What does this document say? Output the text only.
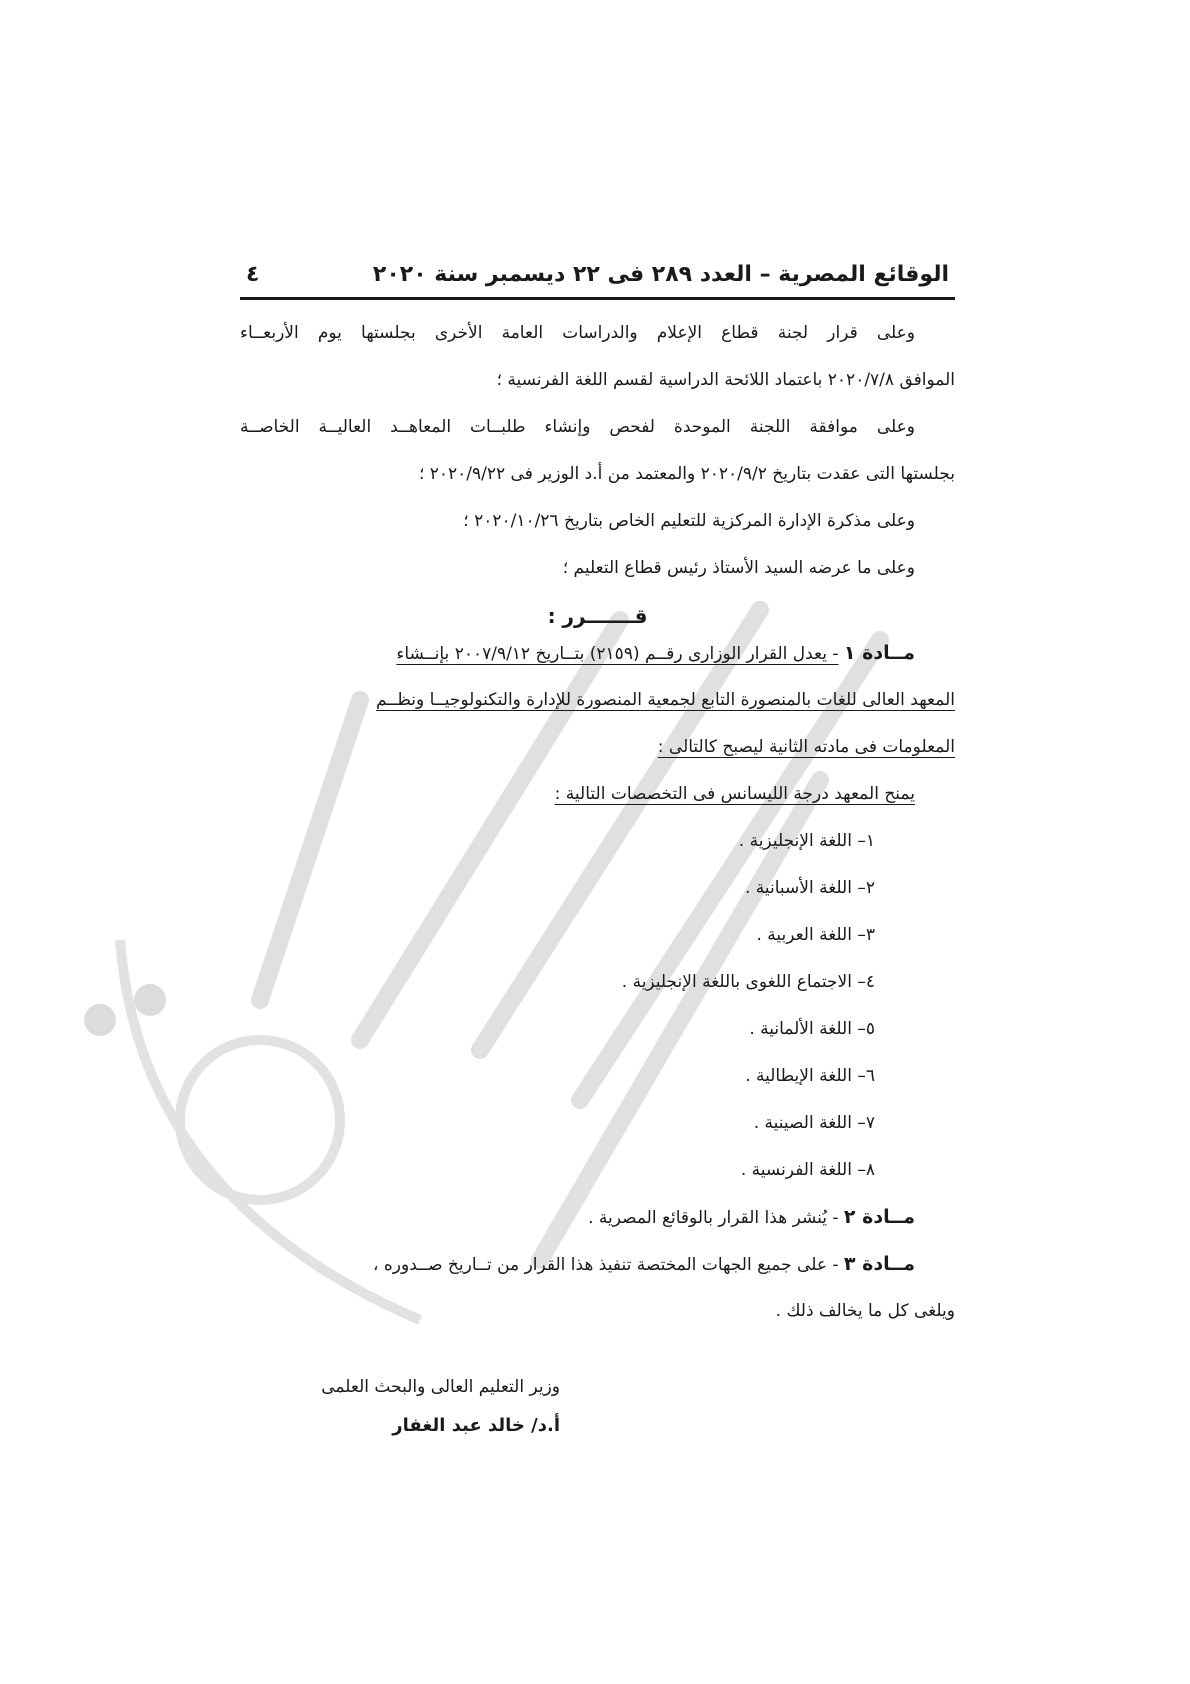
الوقائع المصرية – العدد ٢٨٩ فى ٢٢ ديسمبر سنة ٢٠٢٠
٤
وعلى قرار لجنة قطاع الإعلام والدراسات العامة الأخرى بجلستها يوم الأربعــاء
الموافق ٢٠٢٠/٧/٨ باعتماد اللائحة الدراسية لقسم اللغة الفرنسية ؛
وعلى موافقة اللجنة الموحدة لفحص وإنشاء طلبــات المعاهــد العاليــة الخاصــة
بجلستها التى عقدت بتاريخ ٢٠٢٠/٩/٢ والمعتمد من أ.د الوزير فى ٢٠٢٠/٩/٢٢ ؛
وعلى مذكرة الإدارة المركزية للتعليم الخاص بتاريخ ٢٠٢٠/١٠/٢٦ ؛
وعلى ما عرضه السيد الأستاذ رئيس قطاع التعليم ؛
قـــــــرر :
مــادة ١ - يعدل القرار الوزارى رقــم (٢١٥٩) بتــاريخ ٢٠٠٧/٩/١٢ بإنــشاء
المعهد العالى للغات بالمنصورة التابع لجمعية المنصورة للإدارة والتكنولوجيــا ونظــم
المعلومات فى مادته الثانية ليصبح كالتالى :
يمنح المعهد درجة الليسانس فى التخصصات التالية :
١– اللغة الإنجليزية .
٢– اللغة الأسبانية .
٣– اللغة العربية .
٤– الاجتماع اللغوى باللغة الإنجليزية .
٥– اللغة الألمانية .
٦– اللغة الإيطالية .
٧– اللغة الصينية .
٨– اللغة الفرنسية .
مــادة ٢ - يُنشر هذا القرار بالوقائع المصرية .
مــادة ٣ - على جميع الجهات المختصة تنفيذ هذا القرار من تــاريخ صــدوره ،
ويلغى كل ما يخالف ذلك .
وزير التعليم العالى والبحث العلمى
أ.د/ خالد عبد الغفار
